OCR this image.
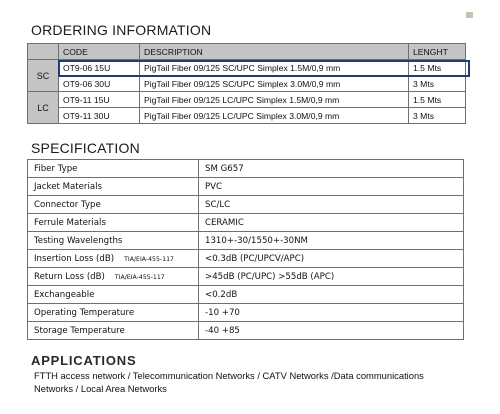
ORDERING INFORMATION
	CODE	DESCRIPTION	LENGHT
SC	OT9-06 15U	PigTail Fiber 09/125 SC/UPC Simplex 1.5M/0,9 mm	1.5 Mts
	OT9-06 30U	PigTail Fiber 09/125 SC/UPC Simplex 3.0M/0,9 mm	3 Mts
LC	OT9-11 15U	PigTail Fiber 09/125 LC/UPC Simplex 1.5M/0,9 mm	1.5 Mts
	OT9-11 30U	PigTail Fiber 09/125 LC/UPC Simplex 3.0M/0,9 mm	3 Mts
SPECIFICATION
Fiber Type	SM G657
Jacket Materials	PVC
Connector Type	SC/LC
Ferrule Materials	CERAMIC
Testing Wavelengths	1310+-30/1550+-30NM
Insertion Loss (dB) TIA/EIA-455-117	<0.3dB (PC/UPCV/APC)
Return Loss (dB) TIA/EIA-455-117	>45dB (PC/UPC) >55dB (APC)
Exchangeable	<0.2dB
Operating Temperature	-10 +70
Storage Temperature	-40 +85
APPLICATIONS
FTTH access network / Telecommunication Networks / CATV Networks /Data communications
Networks / Local Area Networks
